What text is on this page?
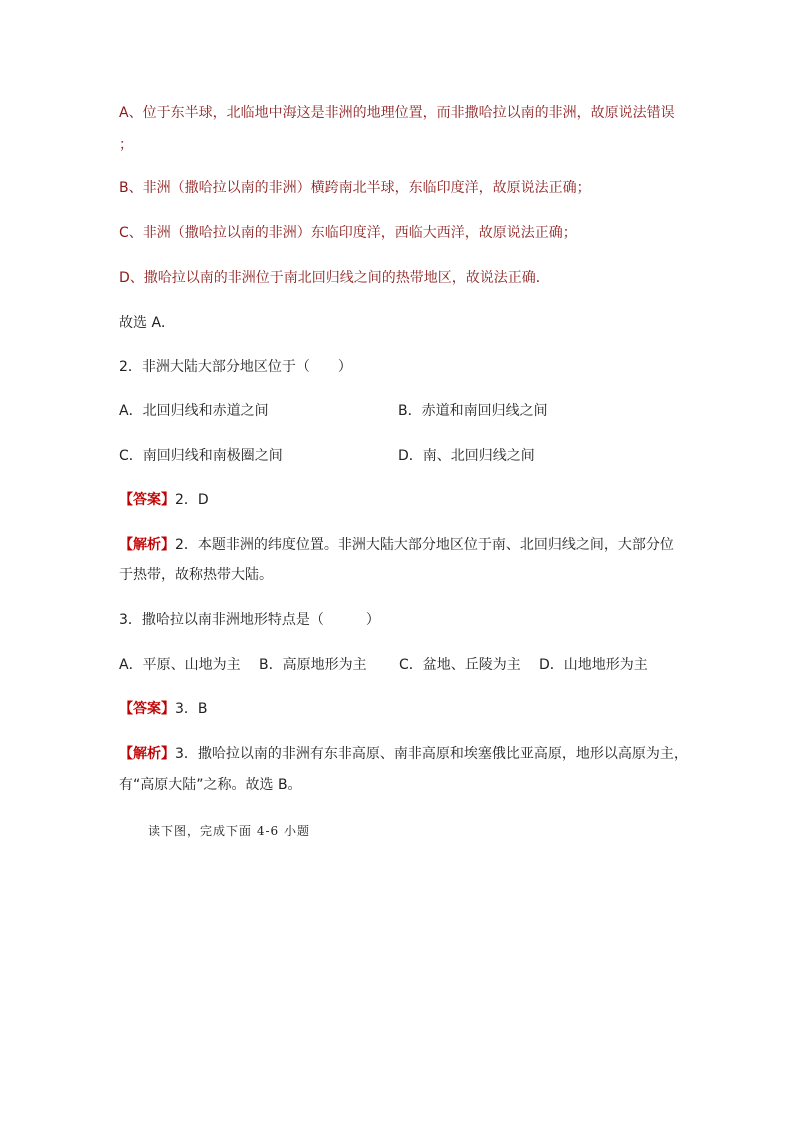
A、位于东半球，北临地中海这是非洲的地理位置，而非撒哈拉以南的非洲，故原说法错误
；
B、非洲（撒哈拉以南的非洲）横跨南北半球，东临印度洋，故原说法正确；
C、非洲（撒哈拉以南的非洲）东临印度洋，西临大西洋，故原说法正确；
D、撒哈拉以南的非洲位于南北回归线之间的热带地区，故说法正确．
故选 A．
2．非洲大陆大部分地区位于（　　）
A．北回归线和赤道之间	B．赤道和南回归线之间
C．南回归线和南极圈之间	D．南、北回归线之间
【答案】2．D
【解析】2．本题非洲的纬度位置。非洲大陆大部分地区位于南、北回归线之间，大部分位
于热带，故称热带大陆。
3．撒哈拉以南非洲地形特点是（　　　）
A．平原、山地为主 B．高原地形为主 C．盆地、丘陵为主 D．山地地形为主
【答案】3．B
【解析】3．撒哈拉以南的非洲有东非高原、南非高原和埃塞俄比亚高原，地形以高原为主，
有“高原大陆”之称。故选 B。
读下图，完成下面 4-6 小题
